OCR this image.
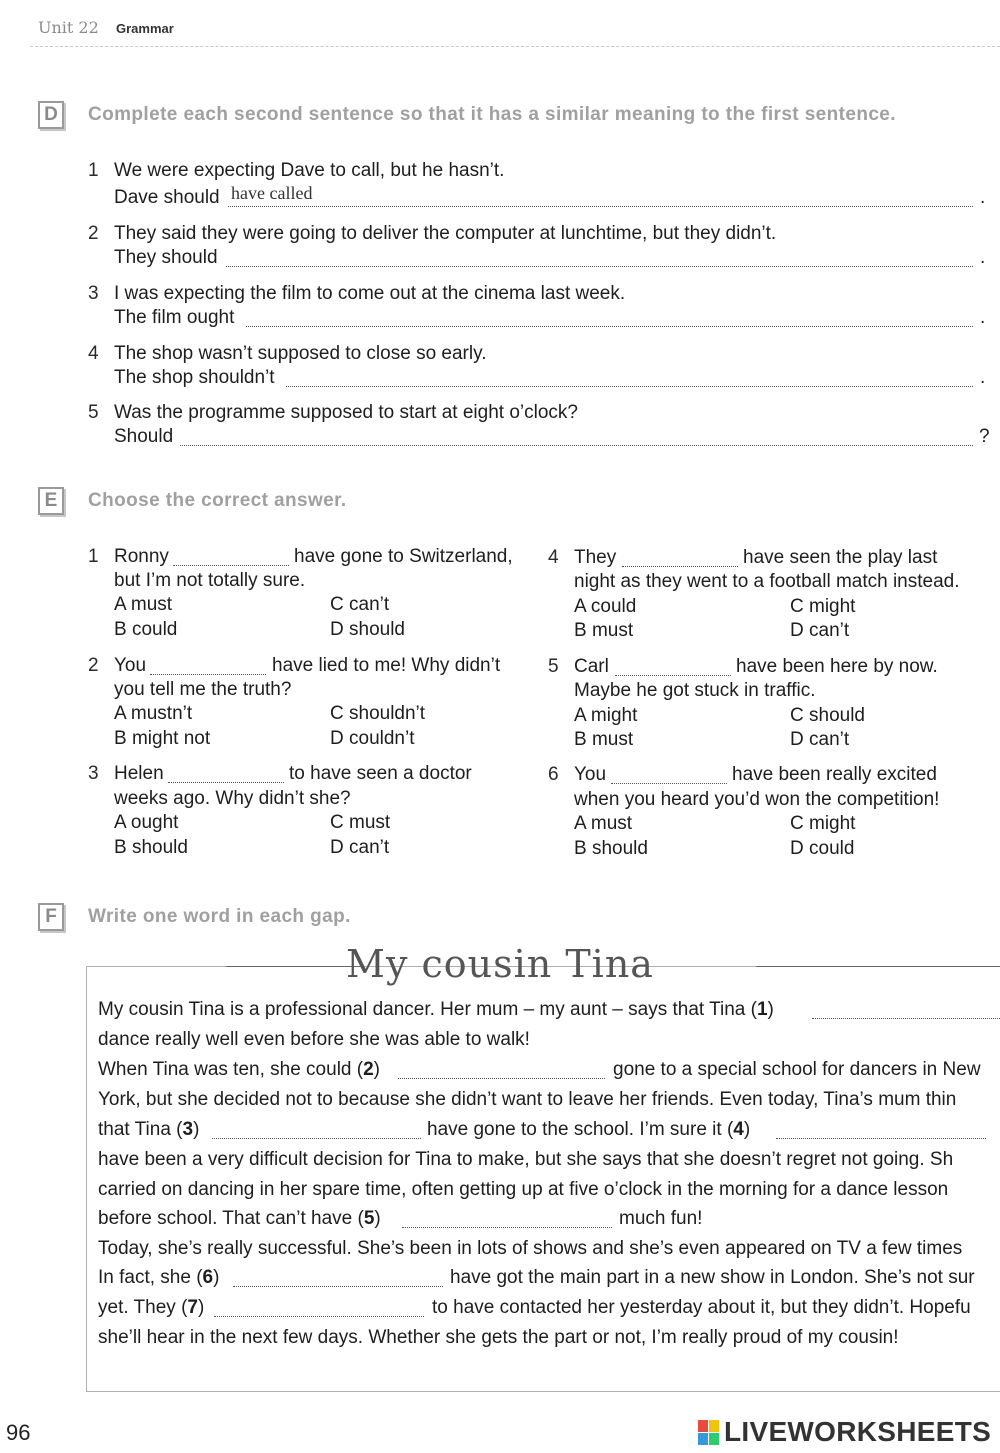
Unit 22 Grammar
D	Complete each second sentence so that it has a similar meaning to the first sentence.
1 We were expecting Dave to call, but he hasn’t.
Dave should have called	.
2 They said they were going to deliver the computer at lunchtime, but they didn’t.
They should	.
3 I was expecting the film to come out at the cinema last week.
The film ought	.
4 The shop wasn’t supposed to close so early.
The shop shouldn’t	.
5 Was the programme supposed to start at eight o’clock?
Should	?
E	Choose the correct answer.
1 Ronny	have gone to Switzerland,
but I’m not totally sure.
A must
B could
C can’t
D should
2 You	have lied to me! Why didn’t
you tell me the truth?
A mustn’t
B might not
C shouldn’t
D couldn’t
3 Helen	to have seen a doctor
weeks ago. Why didn’t she?
A ought
B should
C must
D can’t
4 They	have seen the play last
night as they went to a football match instead.
A could
B must
C might
D can’t
5 Carl	have been here by now.
Maybe he got stuck in traffic.
A might
B must
C should
D can’t
6 You	have been really excited
when you heard you’d won the competition!
A must
B should
C might
D could
F	Write one word in each gap.
My cousin Tina
My cousin Tina is a professional dancer. Her mum – my aunt – says that Tina (1)
dance really well even before she was able to walk!
When Tina was ten, she could (2)	gone to a special school for dancers in New
York, but she decided not to because she didn’t want to leave her friends. Even today, Tina’s mum thin
that Tina (3)	have gone to the school. I’m sure it (4)
have been a very difficult decision for Tina to make, but she says that she doesn’t regret not going. Sh
carried on dancing in her spare time, often getting up at five o’clock in the morning for a dance lesson
before school. That can’t have (5)	much fun!
Today, she’s really successful. She’s been in lots of shows and she’s even appeared on TV a few times
In fact, she (6)	have got the main part in a new show in London. She’s not sur
yet. They (7)	to have contacted her yesterday about it, but they didn’t. Hopefu
she’ll hear in the next few days. Whether she gets the part or not, I’m really proud of my cousin!
96	LIVEWORKSHEETS
